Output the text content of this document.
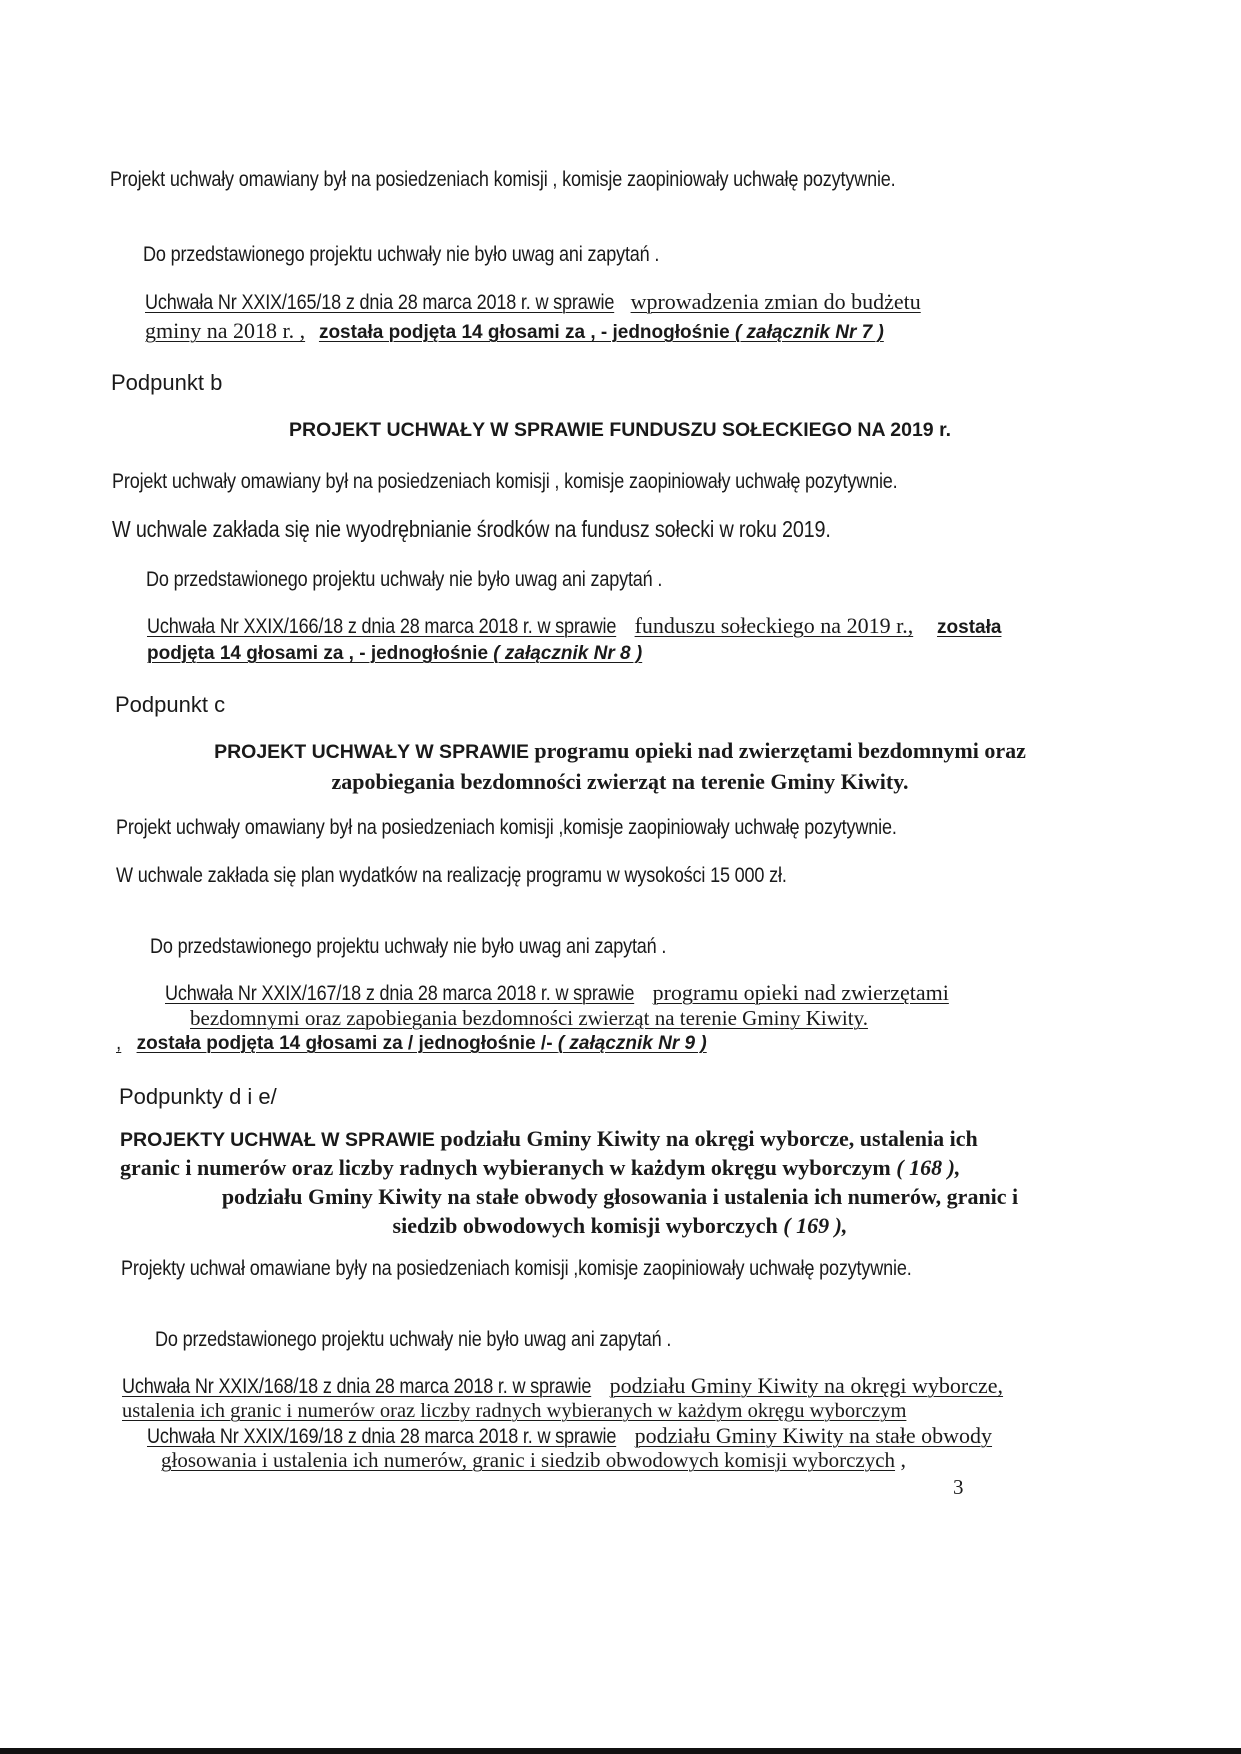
Projekt uchwały omawiany był na posiedzeniach komisji , komisje zaopiniowały uchwałę pozytywnie.
Do przedstawionego projektu uchwały nie było uwag ani zapytań .
Uchwała Nr XXIX/165/18 z dnia 28 marca 2018 r. w sprawiewprowadzenia zmian do budżetu
gminy na 2018 r. , została podjęta 14 głosami za , - jednogłośnie ( załącznik Nr 7 )
Podpunkt b
PROJEKT UCHWAŁY W SPRAWIE FUNDUSZU SOŁECKIEGO NA 2019 r.
Projekt uchwały omawiany był na posiedzeniach komisji , komisje zaopiniowały uchwałę pozytywnie.
W uchwale zakłada się nie wyodrębnianie środków na fundusz sołecki w roku 2019.
Do przedstawionego projektu uchwały nie było uwag ani zapytań .
Uchwała Nr XXIX/166/18 z dnia 28 marca 2018 r. w sprawiefunduszu sołeckiego na 2019 r., została
podjęta 14 głosami za , - jednogłośnie ( załącznik Nr 8 )
Podpunkt c
PROJEKT UCHWAŁY W SPRAWIE programu opieki nad zwierzętami bezdomnymi oraz
zapobiegania bezdomności zwierząt na terenie Gminy Kiwity.
Projekt uchwały omawiany był na posiedzeniach komisji ,komisje zaopiniowały uchwałę pozytywnie.
W uchwale zakłada się plan wydatków na realizację programu w wysokości 15 000 zł.
Do przedstawionego projektu uchwały nie było uwag ani zapytań .
Uchwała Nr XXIX/167/18 z dnia 28 marca 2018 r. w sprawieprogramu opieki nad zwierzętami
bezdomnymi oraz zapobiegania bezdomności zwierząt na terenie Gminy Kiwity.
, została podjęta 14 głosami za / jednogłośnie /- ( załącznik Nr 9 )
Podpunkty d i e/
PROJEKTY UCHWAŁ W SPRAWIE podziału Gminy Kiwity na okręgi wyborcze, ustalenia ich
granic i numerów oraz liczby radnych wybieranych w każdym okręgu wyborczym ( 168 ),
podziału Gminy Kiwity na stałe obwody głosowania i ustalenia ich numerów, granic i
siedzib obwodowych komisji wyborczych ( 169 ),
Projekty uchwał omawiane były na posiedzeniach komisji ,komisje zaopiniowały uchwałę pozytywnie.
Do przedstawionego projektu uchwały nie było uwag ani zapytań .
Uchwała Nr XXIX/168/18 z dnia 28 marca 2018 r. w sprawiepodziału Gminy Kiwity na okręgi wyborcze,
ustalenia ich granic i numerów oraz liczby radnych wybieranych w każdym okręgu wyborczym
Uchwała Nr XXIX/169/18 z dnia 28 marca 2018 r. w sprawiepodziału Gminy Kiwity na stałe obwody
głosowania i ustalenia ich numerów, granic i siedzib obwodowych komisji wyborczych ,
3
